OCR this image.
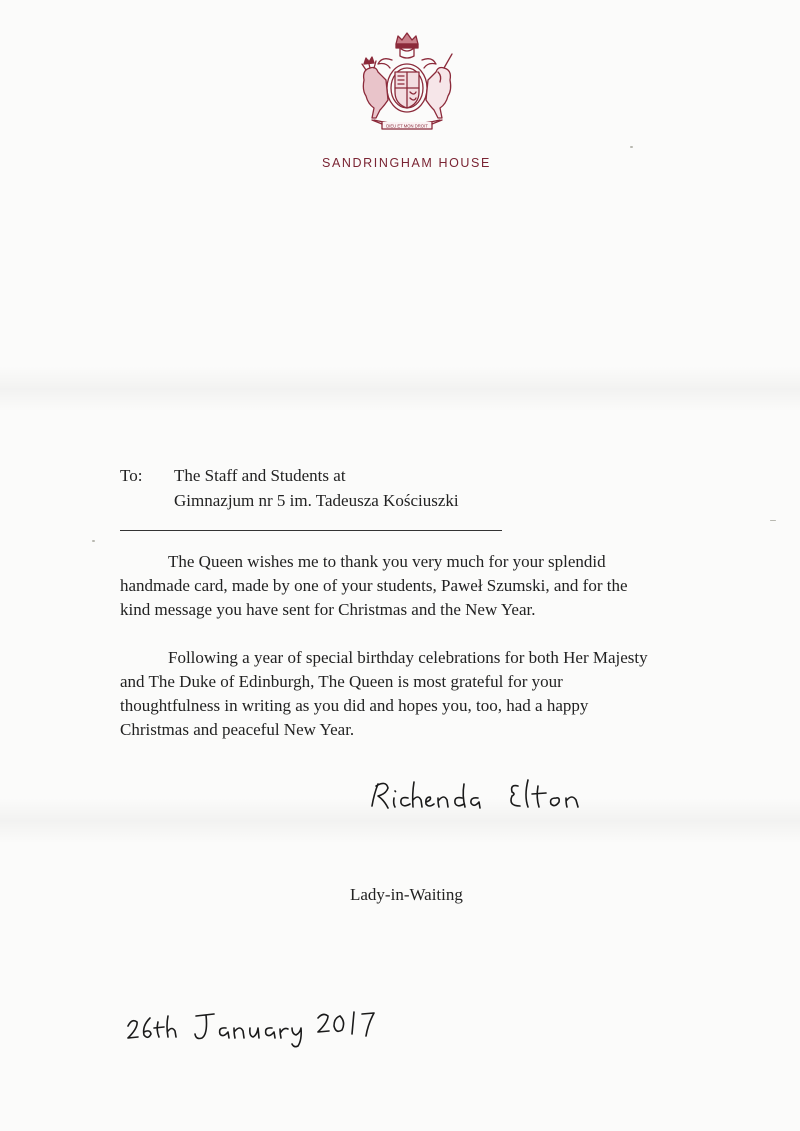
DIEU ET MON DROIT
SANDRINGHAM HOUSE
To: The Staff and Students at
Gimnazjum nr 5 im. Tadeusza Kościuszki

The Queen wishes me to thank you very much for your splendid
handmade card, made by one of your students, Paweł Szumski, and for the
kind message you have sent for Christmas and the New Year.

Following a year of special birthday celebrations for both Her Majesty
and The Duke of Edinburgh, The Queen is most grateful for your
thoughtfulness in writing as you did and hopes you, too, had a happy
Christmas and peaceful New Year.

Lady-in-Waiting
